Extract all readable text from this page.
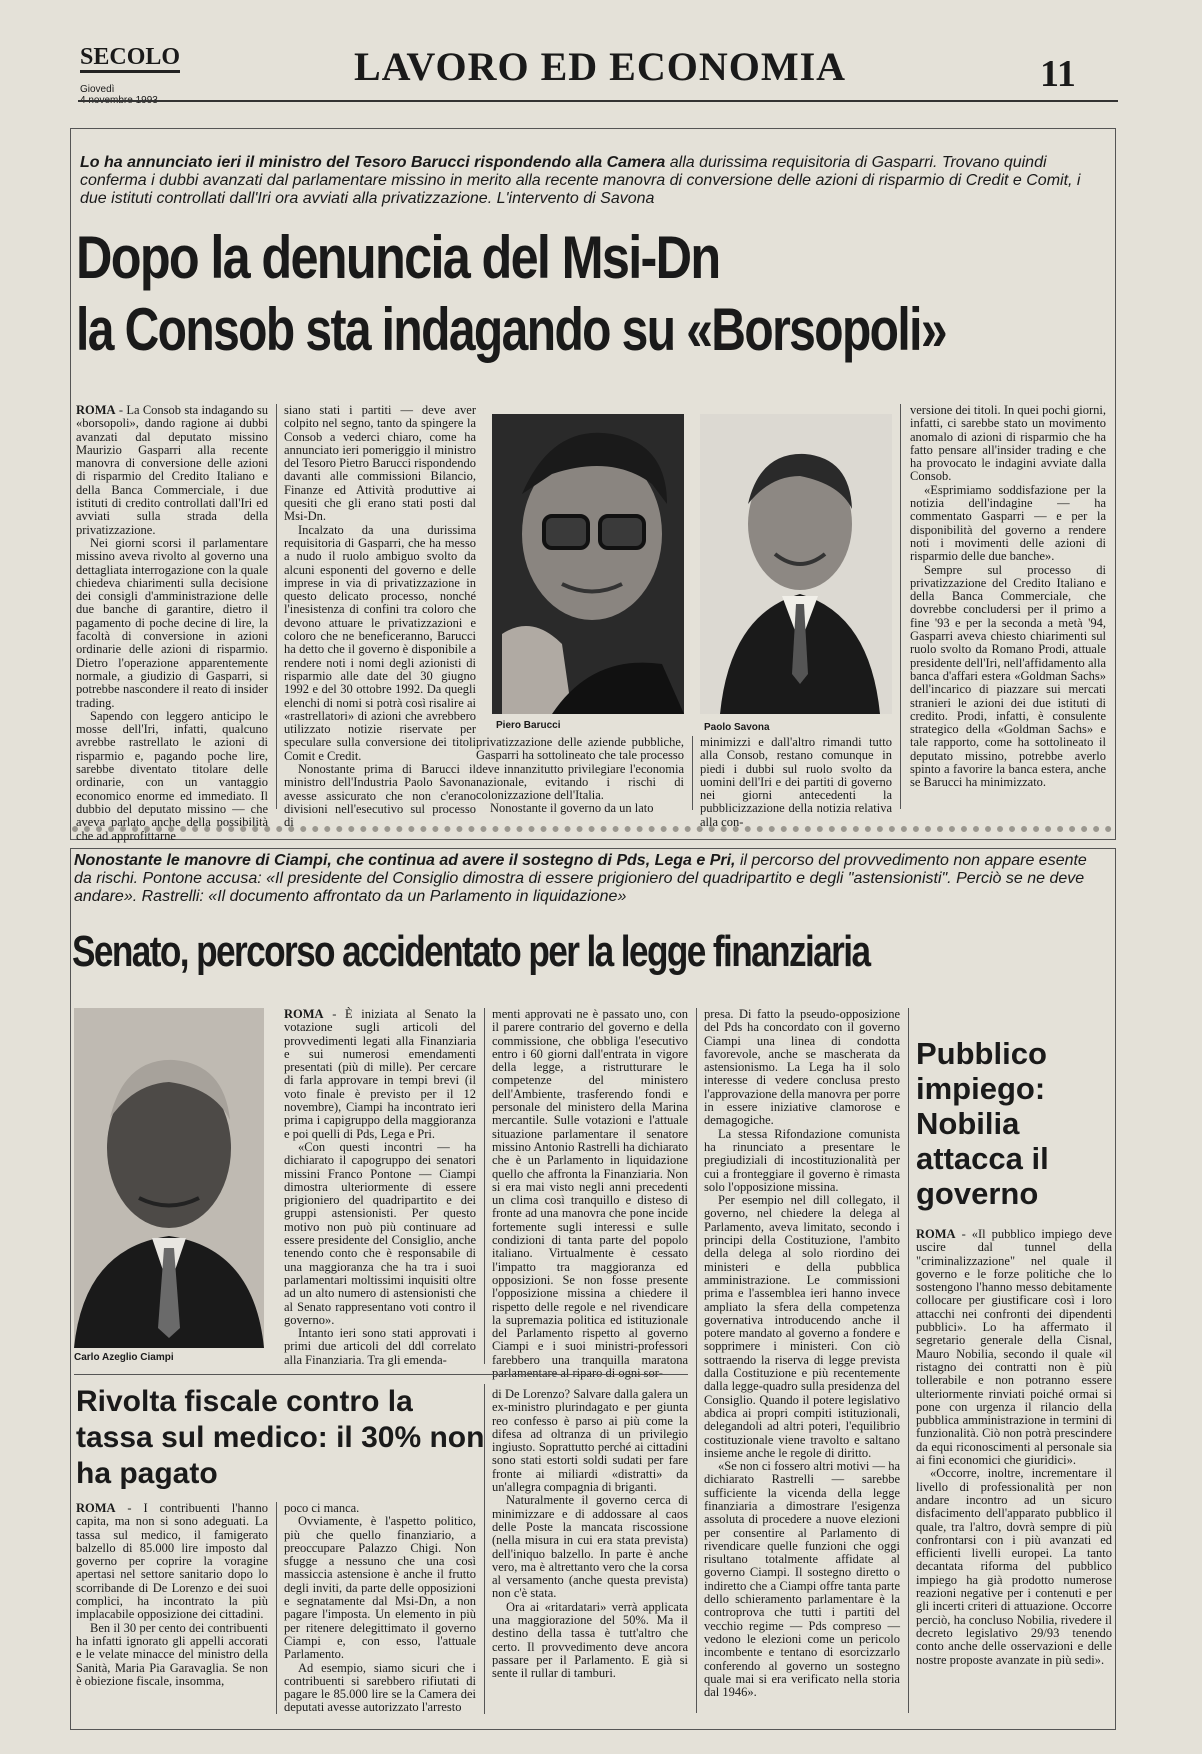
SECOLO
Giovedì
LAVORO ED ECONOMIA	11
Lo ha annunciato ieri il ministro del Tesoro Barucci rispondendo alla Camera alla durissima requisitoria di Gasparri. Trovano quindi conferma i dubbi avanzati dal parlamentare missino in merito alla recente manovra di conversione delle azioni di risparmio di Credit e Comit, i due istituti controllati dall'Iri ora avviati alla privatizzazione. L'intervento di Savona
Dopo la denuncia del Msi-Dn
la Consob sta indagando su «Borsopoli»

ROMA - La Consob sta indagando su «borsopoli», dando ragione ai dubbi avanzati dal deputato missino Maurizio Gasparri alla recente manovra di conversione delle azioni di risparmio del Credito Italiano e della Banca Commerciale, i due istituti di credito controllati dall'Iri ed avviati sulla strada della privatizzazione.

Nei giorni scorsi il parlamentare missino aveva rivolto al governo una dettagliata interrogazione con la quale chiedeva chiarimenti sulla decisione dei consigli d'amministrazione delle due banche di garantire, dietro il pagamento di poche decine di lire, la facoltà di conversione in azioni ordinarie delle azioni di risparmio. Dietro l'operazione apparentemente normale, a giudizio di Gasparri, si potrebbe nascondere il reato di insider trading.

Sapendo con leggero anticipo le mosse dell'Iri, infatti, qualcuno avrebbe rastrellato le azioni di risparmio e, pagando poche lire, sarebbe diventato titolare delle ordinarie, con un vantaggio economico enorme ed immediato. Il dubbio del deputato missino — che aveva parlato anche della possibilità che ad approfittarne

siano stati i partiti — deve aver colpito nel segno, tanto da spingere la Consob a vederci chiaro, come ha annunciato ieri pomeriggio il ministro del Tesoro Pietro Barucci rispondendo davanti alle commissioni Bilancio, Finanze ed Attività produttive ai quesiti che gli erano stati posti dal Msi-Dn.

Incalzato da una durissima requisitoria di Gasparri, che ha messo a nudo il ruolo ambiguo svolto da alcuni esponenti del governo e delle imprese in via di privatizzazione in questo delicato processo, nonché l'inesistenza di confini tra coloro che devono attuare le privatizzazioni e coloro che ne beneficeranno, Barucci ha detto che il governo è disponibile a rendere noti i nomi degli azionisti di risparmio alle date del 30 giugno 1992 e del 30 ottobre 1992. Da quegli elenchi di nomi si potrà così risalire ai «rastrellatori» di azioni che avrebbero utilizzato notizie riservate per speculare sulla conversione dei titoli Comit e Credit.

Nonostante prima di Barucci il ministro dell'Industria Paolo Savona avesse assicurato che non c'erano divisioni nell'esecutivo sul processo di

Piero Barucci	Paolo Savona

privatizzazione delle aziende pubbliche, Gasparri ha sottolineato che tale processo deve innanzitutto privilegiare l'economia nazionale, evitando i rischi di colonizzazione dell'Italia.

Nonostante il governo da un lato

minimizzi e dall'altro rimandi tutto alla Consob, restano comunque in piedi i dubbi sul ruolo svolto da uomini dell'Iri e dei partiti di governo nei giorni antecedenti la pubblicizzazione della notizia relativa alla con-

versione dei titoli. In quei pochi giorni, infatti, ci sarebbe stato un movimento anomalo di azioni di risparmio che ha fatto pensare all'insider trading e che ha provocato le indagini avviate dalla Consob.

«Esprimiamo soddisfazione per la notizia dell'indagine — ha commentato Gasparri — e per la disponibilità del governo a rendere noti i movimenti delle azioni di risparmio delle due banche».

Sempre sul processo di privatizzazione del Credito Italiano e della Banca Commerciale, che dovrebbe concludersi per il primo a fine '93 e per la seconda a metà '94, Gasparri aveva chiesto chiarimenti sul ruolo svolto da Romano Prodi, attuale presidente dell'Iri, nell'affidamento alla banca d'affari estera «Goldman Sachs» dell'incarico di piazzare sui mercati stranieri le azioni dei due istituti di credito. Prodi, infatti, è consulente strategico della «Goldman Sachs» e tale rapporto, come ha sottolineato il deputato missino, potrebbe averlo spinto a favorire la banca estera, anche se Barucci ha minimizzato.

Nonostante le manovre di Ciampi, che continua ad avere il sostegno di Pds, Lega e Pri, il percorso del provvedimento non appare esente da rischi. Pontone accusa: «Il presidente del Consiglio dimostra di essere prigioniero del quadripartito e degli "astensionisti". Perciò se ne deve andare». Rastrelli: «Il documento affrontato da un Parlamento in liquidazione»
Senato, percorso accidentato per la legge finanziaria
Carlo Azeglio Ciampi

ROMA - È iniziata al Senato la votazione sugli articoli del provvedimenti legati alla Finanziaria e sui numerosi emendamenti presentati (più di mille). Per cercare di farla approvare in tempi brevi (il voto finale è previsto per il 12 novembre), Ciampi ha incontrato ieri prima i capigruppo della maggioranza e poi quelli di Pds, Lega e Pri.

«Con questi incontri — ha dichiarato il capogruppo dei senatori missini Franco Pontone — Ciampi dimostra ulteriormente di essere prigioniero del quadripartito e dei gruppi astensionisti. Per questo motivo non può più continuare ad essere presidente del Consiglio, anche tenendo conto che è responsabile di una maggioranza che ha tra i suoi parlamentari moltissimi inquisiti oltre ad un alto numero di astensionisti che al Senato rappresentano voti contro il governo».

Intanto ieri sono stati approvati i primi due articoli del ddl correlato alla Finanziaria. Tra gli emenda-

menti approvati ne è passato uno, con il parere contrario del governo e della commissione, che obbliga l'esecutivo entro i 60 giorni dall'entrata in vigore della legge, a ristrutturare le competenze del ministero dell'Ambiente, trasferendo fondi e personale del ministero della Marina mercantile. Sulle votazioni e l'attuale situazione parlamentare il senatore missino Antonio Rastrelli ha dichiarato che è un Parlamento in liquidazione quello che affronta la Finanziaria. Non si era mai visto negli anni precedenti un clima così tranquillo e disteso di fronte ad una manovra che pone incide fortemente sugli interessi e sulle condizioni di tanta parte del popolo italiano. Virtualmente è cessato l'impatto tra maggioranza ed opposizioni. Se non fosse presente l'opposizione missina a chiedere il rispetto delle regole e nel rivendicare la supremazia politica ed istituzionale del Parlamento rispetto al governo Ciampi e i suoi ministri-professori farebbero una tranquilla maratona

presa. Di fatto la pseudo-opposizione del Pds ha concordato con il governo Ciampi una linea di condotta favorevole, anche se mascherata da astensionismo. La Lega ha il solo interesse di vedere conclusa presto l'approvazione della manovra per porre in essere iniziative clamorose e demagogiche.

La stessa Rifondazione comunista ha rinunciato a presentare le pregiudiziali di incostituzionalità per cui a fronteggiare il governo è rimasta solo l'opposizione missina.

Per esempio nel dill collegato, il governo, nel chiedere la delega al Parlamento, aveva limitato, secondo i principi della Costituzione, l'ambito della delega al solo riordino dei ministeri e della pubblica amministrazione. Le commissioni prima e l'assemblea ieri hanno invece ampliato la sfera della competenza governativa introducendo anche il potere mandato al governo a fondere e sopprimere i ministeri. Con ciò sottraendo la riserva di legge prevista dalla Costituzione e più recentemente dalla legge-quadro sulla presidenza del Consiglio. Quando il potere legislativo abdica ai propri compiti istituzionali, delegandoli ad altri poteri, l'equilibrio costituzionale viene travolto e saltano insieme anche le regole di diritto.

«Se non ci fossero altri motivi — ha dichiarato Rastrelli — sarebbe sufficiente la vicenda della legge finanziaria a dimostrare l'esigenza assoluta di procedere a nuove elezioni per consentire al Parlamento di rivendicare quelle funzioni che oggi risultano totalmente affidate al governo Ciampi. Il sostegno diretto o indiretto che a Ciampi offre tanta parte dello schieramento parlamentare è la controprova che tutti i partiti del vecchio regime — Pds compreso — vedono le elezioni come un pericolo incombente e tentano di esorcizzarlo conferendo al governo un sostegno quale mai si era verificato nella storia dal 1946».

Pubblico impiego: Nobilia attacca il governo

ROMA - «Il pubblico impiego deve uscire dal tunnel della "criminalizzazione" nel quale il governo e le forze politiche che lo sostengono l'hanno messo debitamente collocare per giustificare così i loro attacchi nei confronti dei dipendenti pubblici». Lo ha affermato il segretario generale della Cisnal, Mauro Nobilia, secondo il quale «il ristagno dei contratti non è più tollerabile e non potranno essere ulteriormente rinviati poiché ormai si pone con urgenza il rilancio della pubblica amministrazione in termini di funzionalità. Ciò non potrà prescindere da equi riconoscimenti al personale sia ai fini economici che giuridici».

«Occorre, inoltre, incrementare il livello di professionalità per non andare incontro ad un sicuro disfacimento dell'apparato pubblico il quale, tra l'altro, dovrà sempre di più confrontarsi con i più avanzati ed efficienti livelli europei. La tanto decantata riforma del pubblico impiego ha già prodotto numerose reazioni negative per i contenuti e per gli incerti criteri di attuazione. Occorre perciò, ha concluso Nobilia, rivedere il decreto legislativo 29/93 tenendo conto anche delle osservazioni e delle nostre proposte avanzate in più sedi».

Rivolta fiscale contro la tassa sul medico: il 30% non ha pagato

ROMA - I contribuenti l'hanno capita, ma non si sono adeguati. La tassa sul medico, il famigerato balzello di 85.000 lire imposto dal governo per coprire la voragine apertasi nel settore sanitario dopo lo scorribande di De Lorenzo e dei suoi complici, ha incontrato la più implacabile opposizione dei cittadini.

Ben il 30 per cento dei contribuenti ha infatti ignorato gli appelli accorati e le velate minacce del ministro della Sanità, Maria Pia Garavaglia. Se non è obiezione fiscale, insomma,

poco ci manca.

Ovviamente, è l'aspetto politico, più che quello finanziario, a preoccupare Palazzo Chigi. Non sfugge a nessuno che una così massiccia astensione è anche il frutto degli inviti, da parte delle opposizioni e segnatamente dal Msi-Dn, a non pagare l'imposta. Un elemento in più per ritenere delegittimato il governo Ciampi e, con esso, l'attuale Parlamento.

Ad esempio, siamo sicuri che i contribuenti si sarebbero rifiutati di pagare le 85.000 lire se la Camera dei deputati avesse autorizzato l'arresto

di De Lorenzo? Salvare dalla galera un ex-ministro plurindagato e per giunta reo confesso è parso ai più come la difesa ad oltranza di un privilegio ingiusto. Soprattutto perché ai cittadini sono stati estorti soldi sudati per fare fronte ai miliardi «distratti» da un'allegra compagnia di briganti.

Naturalmente il governo cerca di minimizzare e di addossare al caos delle Poste la mancata riscossione (nella misura in cui era stata prevista) dell'iniquo balzello. In parte è anche vero, ma è altrettanto vero che la corsa al versamento (anche questa prevista) non c'è stata.

Ora ai «ritardatari» verrà applicata una maggiorazione del 50%. Ma il destino della tassa è tutt'altro che certo. Il provvedimento deve ancora passare per il Parlamento. E già si sente il rullar di tamburi.
